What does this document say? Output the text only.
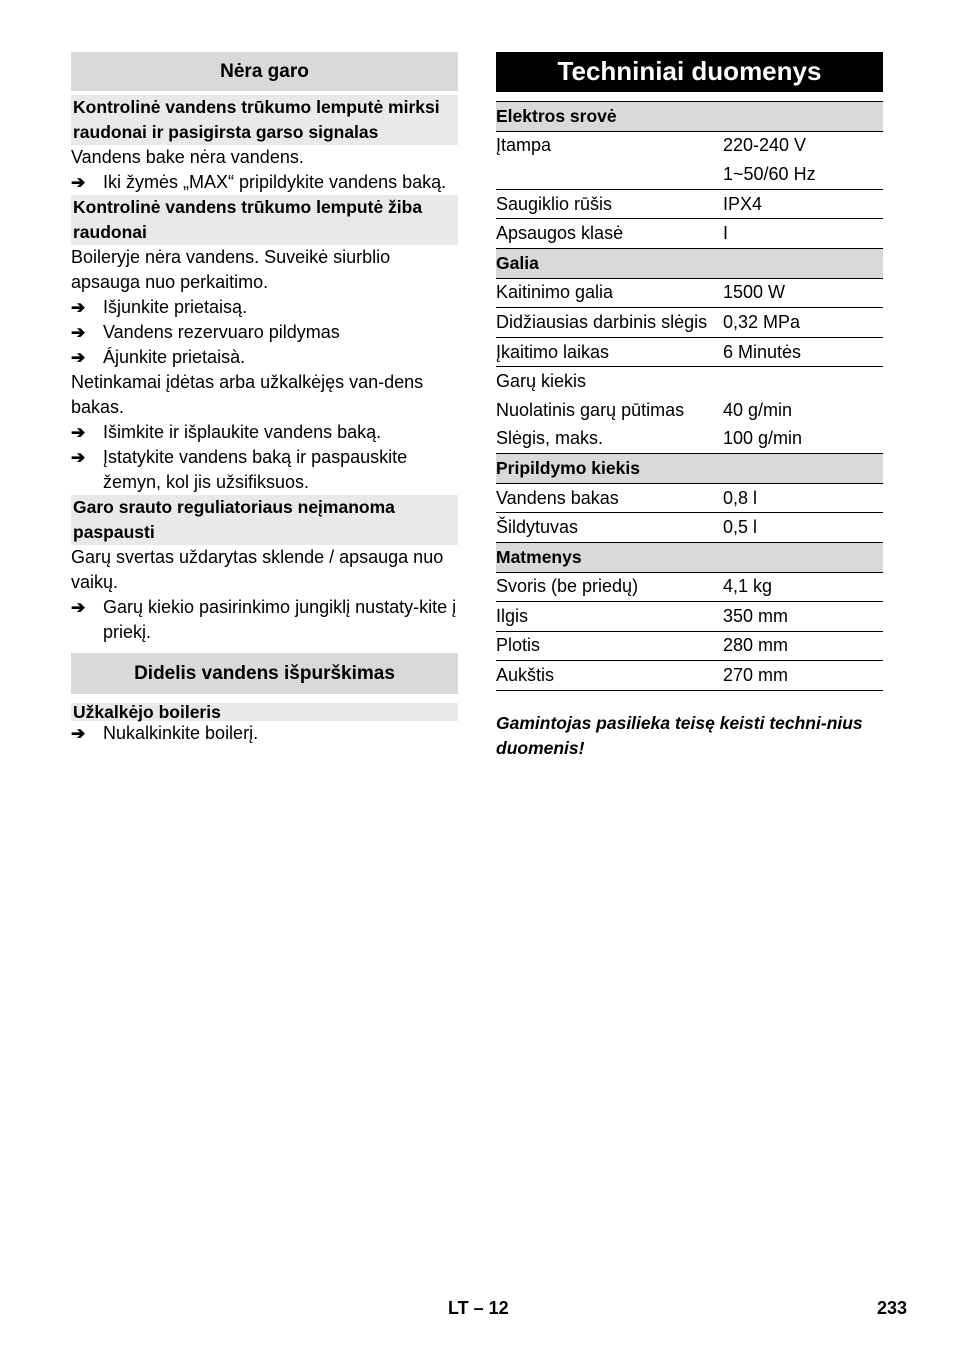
Nėra garo
Kontrolinė vandens trūkumo lemputė mirksi raudonai ir pasigirsta garso signalas
Vandens bake nėra vandens.
➔ Iki žymės „MAX“ pripildykite vandens baką.
Kontrolinė vandens trūkumo lemputė žiba raudonai
Boileryje nėra vandens. Suveikė siurblio apsauga nuo perkaitimo.
➔ Išjunkite prietaisą.
➔ Vandens rezervuaro pildymas
➔ Ájunkite prietaisà.
Netinkamai įdėtas arba užkalkėjęs van-dens bakas.
➔ Išimkite ir išplaukite vandens baką.
➔ Įstatykite vandens baką ir paspauskite žemyn, kol jis užsifiksuos.
Garo srauto reguliatoriaus neįmanoma paspausti
Garų svertas uždarytas sklende / apsauga nuo vaikų.
➔ Garų kiekio pasirinkimo jungiklį nustaty-kite į priekį.
Didelis vandens išpurškimas
Užkalkėjo boileris
➔ Nukalkinkite boilerį.
Techniniai duomenys
Elektros srovė	
Įtampa	220-240 V
	1~50/60 Hz
Saugiklio rūšis	IPX4
Apsaugos klasė	I
Galia	
Kaitinimo galia	1500 W
Didžiausias darbinis slėgis	0,32 MPa
Įkaitimo laikas	6 Minutės
Garų kiekis	
Nuolatinis garų pūtimas	40 g/min
Slėgis, maks.	100 g/min
Pripildymo kiekis	
Vandens bakas	0,8 l
Šildytuvas	0,5 l
Matmenys	
Svoris (be priedų)	4,1 kg
Ilgis	350 mm
Plotis	280 mm
Aukštis	270 mm
Gamintojas pasilieka teisę keisti techni-nius duomenis!
LT – 12	233
